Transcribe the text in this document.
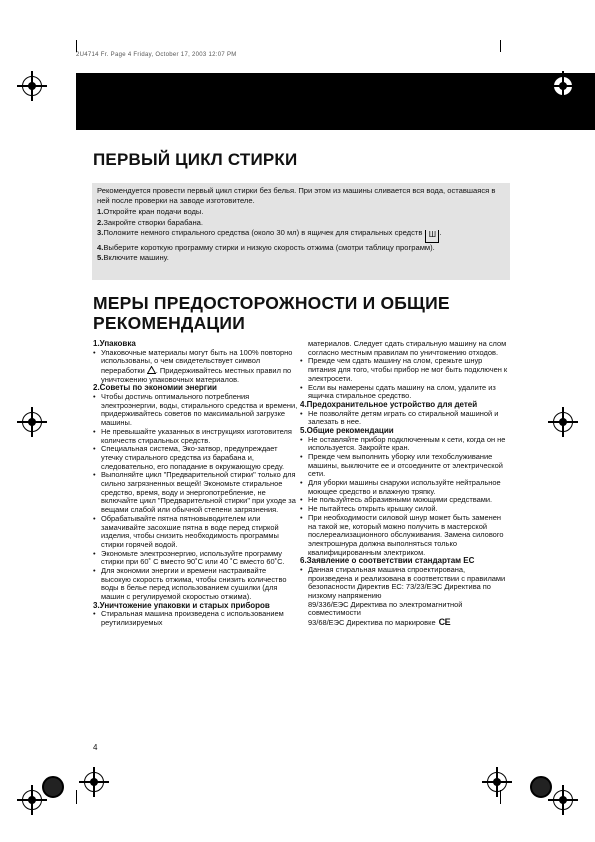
2U4714 Fr. Page 4 Friday, October 17, 2003 12:07 PM
ПЕРВЫЙ ЦИКЛ СТИРКИ

Рекомендуется провести первый цикл стирки без белья. При этом из машины сливается вся вода, оставшаяся в ней после проверки на заводе изготовителе.

1.Откройте кран подачи воды.
2.Закройте створки барабана.
3.Положите немного стирального средства (около 30 мл) в ящичек для стиральных средств Ш .
4.Выберите короткую программу стирки и низкую скорость отжима (смотри таблицу программ).
5.Включите машину.
МЕРЫ ПРЕДОСТОРОЖНОСТИ И ОБЩИЕ РЕКОМЕНДАЦИИ
1.Упаковка
• Упаковочные материалы могут быть на 100% повторно использованы, о чем свидетельствует символ переработки . Придерживайтесь местных правил по уничтожению упаковочных материалов.
2.Советы по экономии энергии
• Чтобы достичь оптимального потребления электроэнергии, воды, стирального средства и времени, придерживайтесь советов по максимальной загрузке машины.
• Не превышайте указанных в инструкциях изготовителя количеств стиральных средств.
• Специальная система, Эко-затвор, предупреждает утечку стирального средства из барабана и, следовательно, его попадание в окружающую среду.
• Выполняйте цикл "Предварительной стирки" только для сильно загрязненных вещей! Экономьте стиральное средство, время, воду и энергопотребление, не включайте цикл "Предварительной стирки" при уходе за вещами слабой или обычной степени загрязнения.
• Обрабатывайте пятна пятновыводителем или замачивайте засохшие пятна в воде перед стиркой изделия, чтобы снизить необходимость программы стирки горячей водой.
• Экономьте электроэнергию, используйте программу стирки при 60˚ С вместо 90˚С или 40 ˚С вместо 60˚С.
• Для экономии энергии и времени настраивайте высокую скорость отжима, чтобы снизить количество воды в белье перед использованием сушилки (для машин с регулируемой скоростью отжима).
3.Уничтожение упаковки и старых приборов
• Стиральная машина произведена с использованием реутилизируемых

материалов. Следует сдать стиральную машину на слом согласно местным правилам по уничтожению отходов.

• Прежде чем сдать машину на слом, срежьте шнур питания для того, чтобы прибор не мог быть подключен к электросети.
• Если вы намерены сдать машину на слом, удалите из ящичка стиральное средство.
4.Предохранительное устройство для детей
• Не позволяйте детям играть со стиральной машиной и залезать в нее.
5.Общие рекомендации
• Не оставляйте прибор подключенным к сети, когда он не используется. Закройте кран.
• Прежде чем выполнить уборку или техобслуживание машины, выключите ее и отсоедините от электрической сети.
• Для уборки машины снаружи используйте нейтральное моющее средство и влажную тряпку.
• Не пользуйтесь абразивными моющими средствами.
• Не пытайтесь открыть крышку силой.
• При необходимости силовой шнур может быть заменен на такой же, который можно получить в мастерской послереализационного обслуживания. Замена силового электрошнура должна выполняться только квалифицированным электриком.
6.Заявление о соответствии стандартам ЕС
• Данная стиральная машина спроектирована, произведена и реализована в соответствии с правилами безопасности Директив ЕС: 73/23/ЕЭС Директива по низкому напряжению

89/336/ЕЭС Директива по электромагнитной совместимости

93/68/ЕЭС Директива по маркировке CE

4
